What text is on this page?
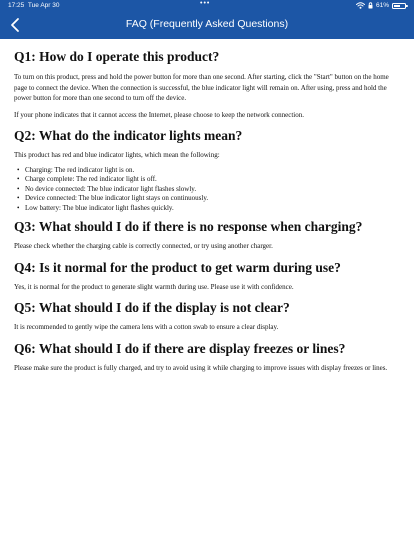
17:25 Tue Apr 30	•••	61%
FAQ (Frequently Asked Questions)
Q1: How do I operate this product?

To turn on this product, press and hold the power button for more than one second. After starting, click the "Start" button on the home page to connect the device. When the connection is successful, the blue indicator light will remain on. After using, press and hold the power button for more than one second to turn off the device.

If your phone indicates that it cannot access the Internet, please choose to keep the network connection.

Q2: What do the indicator lights mean?

This product has red and blue indicator lights, which mean the following:

• Charging: The red indicator light is on.
• Charge complete: The red indicator light is off.
• No device connected: The blue indicator light flashes slowly.
• Device connected: The blue indicator light stays on continuously.
• Low battery: The blue indicator light flashes quickly.
Q3: What should I do if there is no response when charging?

Please check whether the charging cable is correctly connected, or try using another charger.

Q4: Is it normal for the product to get warm during use?

Yes, it is normal for the product to generate slight warmth during use. Please use it with confidence.

Q5: What should I do if the display is not clear?

It is recommended to gently wipe the camera lens with a cotton swab to ensure a clear display.

Q6: What should I do if there are display freezes or lines?

Please make sure the product is fully charged, and try to avoid using it while charging to improve issues with display freezes or lines.
